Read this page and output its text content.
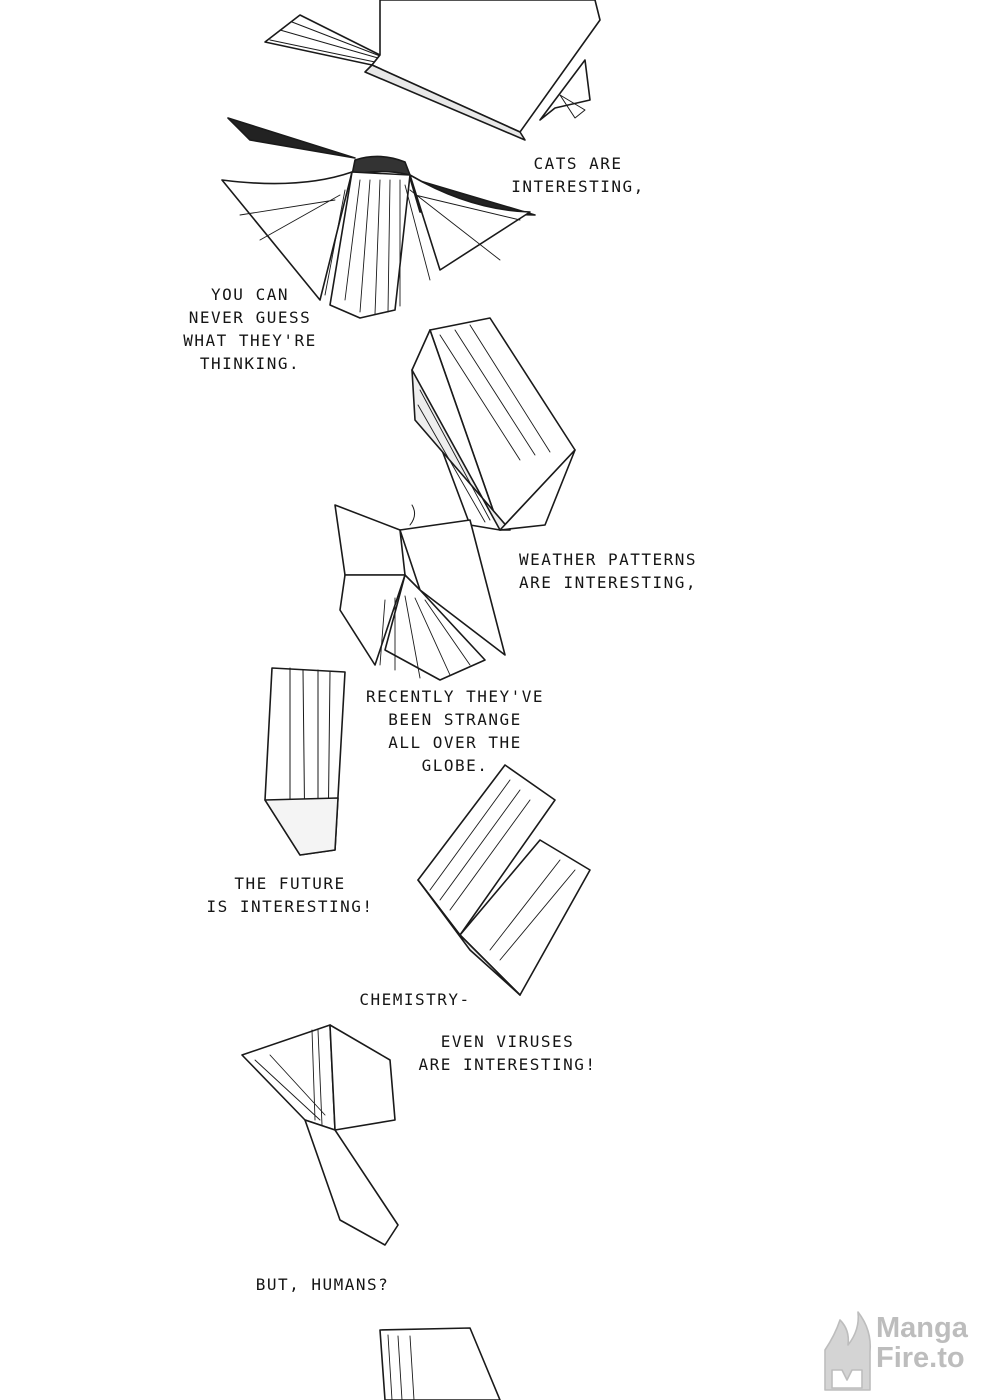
CATS ARE
INTERESTING,
YOU CAN
NEVER GUESS
WHAT THEY'RE
THINKING.
WEATHER PATTERNS
ARE INTERESTING,
RECENTLY THEY'VE
BEEN STRANGE
ALL OVER THE
GLOBE.
THE FUTURE
IS INTERESTING!
CHEMISTRY-
EVEN VIRUSES
ARE INTERESTING!
BUT, HUMANS?
Manga
Fire.to
